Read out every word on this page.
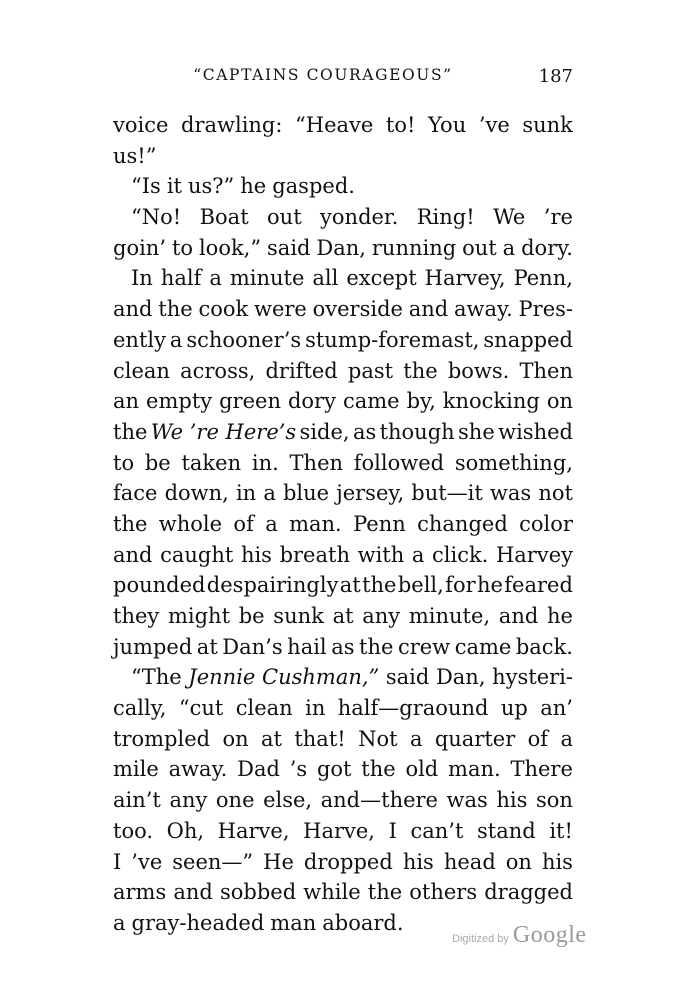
“CAPTAINS COURAGEOUS”	187
voice drawling: “Heave to! You ’ve sunk
us!”
“Is it us?” he gasped.
“No! Boat out yonder. Ring! We ’re
goin’ to look,” said Dan, running out a dory.
In half a minute all except Harvey, Penn,
and the cook were overside and away. Pres-
ently a schooner’s stump-foremast, snapped
clean across, drifted past the bows. Then
an empty green dory came by, knocking on
the We ’re Here’s side, as though she wished
to be taken in. Then followed something,
face down, in a blue jersey, but—it was not
the whole of a man. Penn changed color
and caught his breath with a click. Harvey
pounded despairingly at the bell, for he feared
they might be sunk at any minute, and he
jumped at Dan’s hail as the crew came back.
“The Jennie Cushman,” said Dan, hysteri-
cally, “cut clean in half—graound up an’
trompled on at that! Not a quarter of a
mile away. Dad ’s got the old man. There
ain’t any one else, and—there was his son
too. Oh, Harve, Harve, I can’t stand it!
I ’ve seen—” He dropped his head on his
arms and sobbed while the others dragged
a gray-headed man aboard.
Digitized by Google
